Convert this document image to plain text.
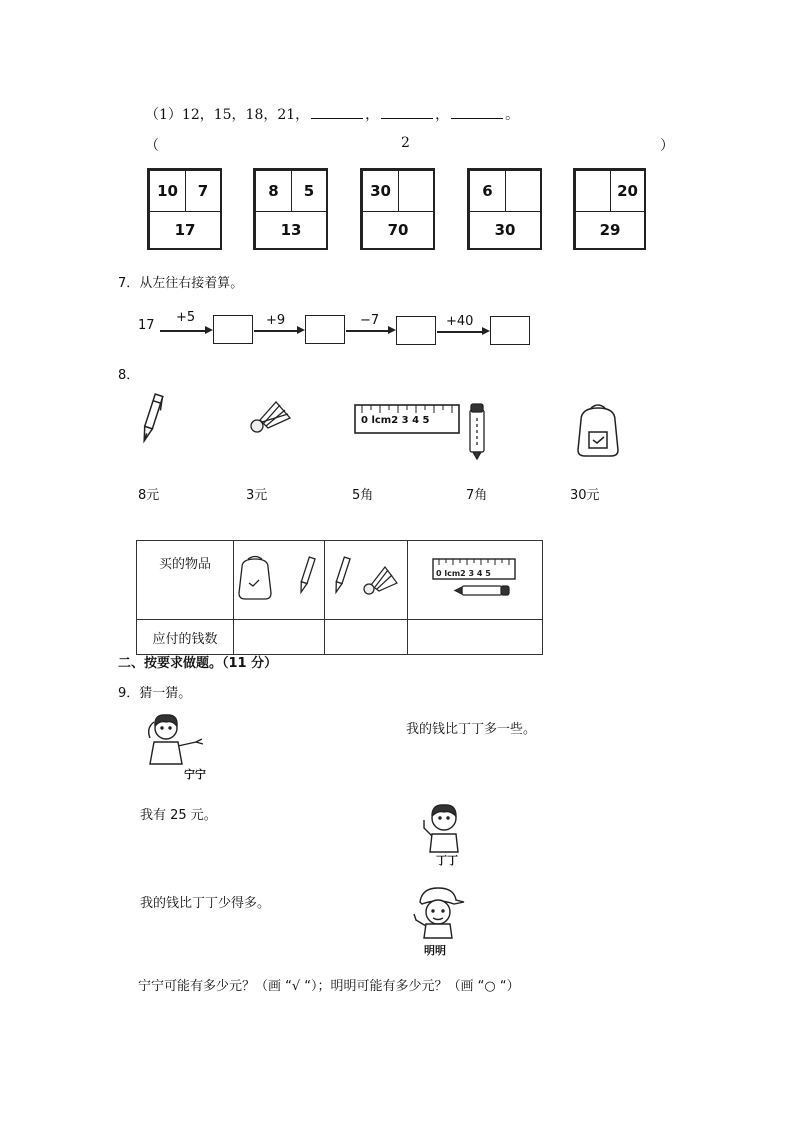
（1）12，15，18，21，	，	，	。
（	2	）
10	7
17
8	5
13
30
70
6
30
20
29
7．从左往右接着算。
17
+5	+9	−7	+40
8．
0 lcm2 3 4 5
8元	3元	5角	7角	30元
买的物品			0 lcm2 3 4 5

应付的钱数			
二、按要求做题。（11 分）
9．猜一猜。
宁宁
我的钱比丁丁多一些。
我有 25 元。
丁丁
我的钱比丁丁少得多。
明明
宁宁可能有多少元？（画 “√ “）；明明可能有多少元？（画 “○ “）
